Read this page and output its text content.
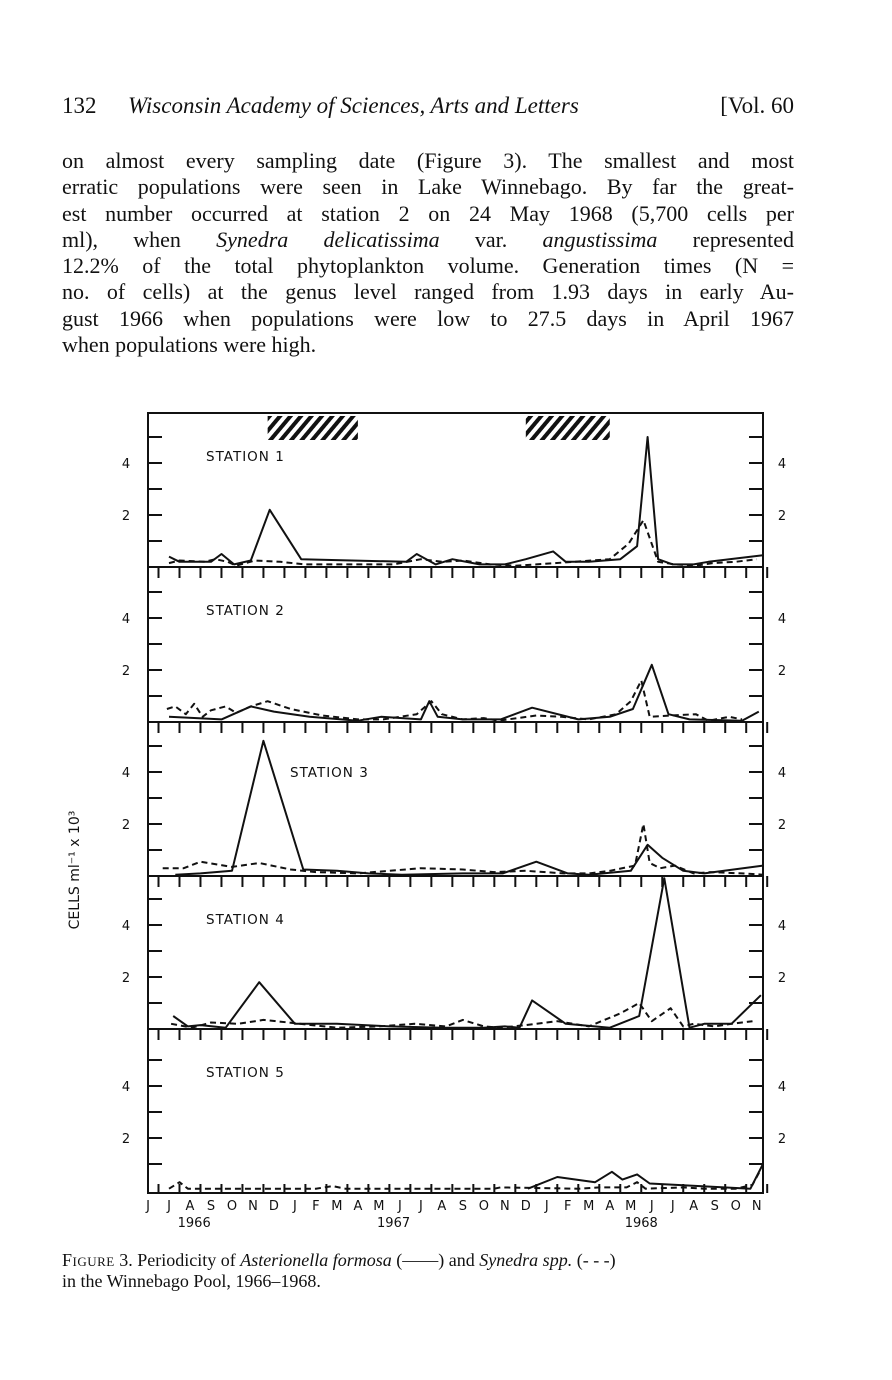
132 Wisconsin Academy of Sciences, Arts and Letters	[Vol. 60
on almost every sampling date (Figure 3). The smallest and most
erratic populations were seen in Lake Winnebago. By far the great-
est number occurred at station 2 on 24 May 1968 (5,700 cells per
ml), when Synedra delicatissima var. angustissima represented
12.2% of the total phytoplankton volume. Generation times (N =
no. of cells) at the genus level ranged from 1.93 days in early Au-
gust 1966 when populations were low to 27.5 days in April 1967
when populations were high.
4	4
2	2
STATION 1
4	4
2	2
STATION 2
4	4
2	2
STATION 3
4	4
2	2
STATION 4
4	4
2	2
STATION 5
J J A S O N D J F M A M J J A S O N D J F M A M J J A S O N
1966	1967	1968
CELLS ml⁻¹ x 10³
Figure 3. Periodicity of Asterionella formosa (——) and Synedra spp. (- - -)
in the Winnebago Pool, 1966–1968.
